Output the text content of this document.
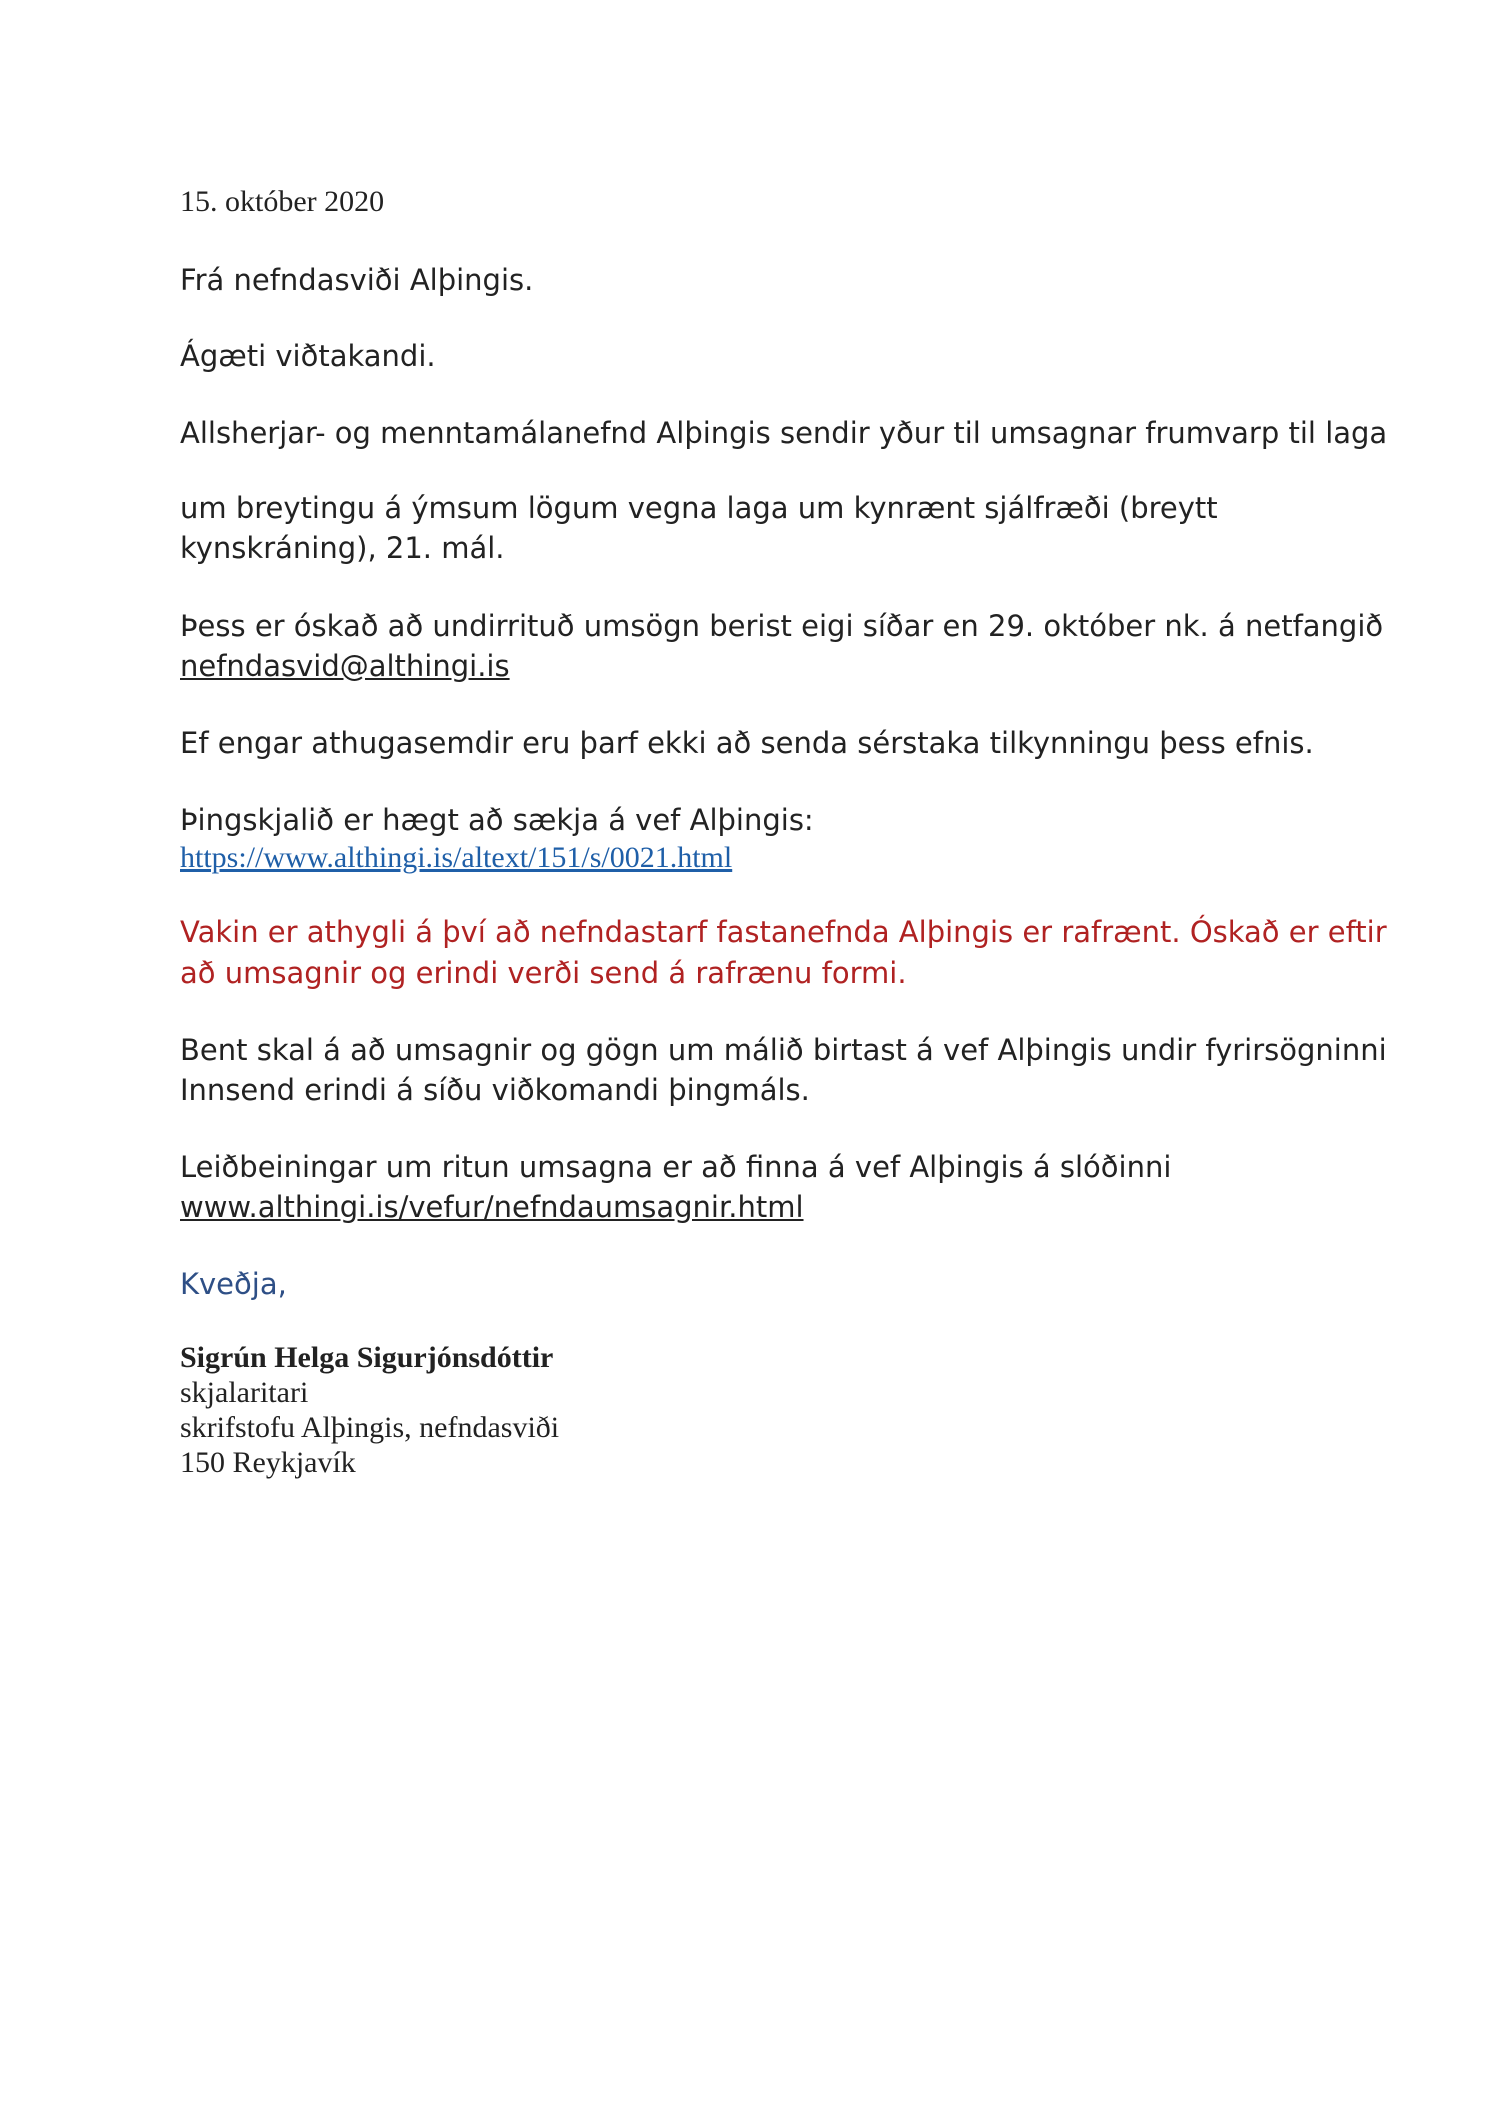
15. október 2020

Frá nefndasviði Alþingis.

Ágæti viðtakandi.

Allsherjar- og menntamálanefnd Alþingis sendir yður til umsagnar frumvarp til laga

um breytingu á ýmsum lögum vegna laga um kynrænt sjálfræði (breytt

kynskráning), 21. mál.

Þess er óskað að undirrituð umsögn berist eigi síðar en 29. október nk. á netfangið

nefndasvid@althingi.is

Ef engar athugasemdir eru þarf ekki að senda sérstaka tilkynningu þess efnis.

Þingskjalið er hægt að sækja á vef Alþingis:

https://www.althingi.is/altext/151/s/0021.html

Vakin er athygli á því að nefndastarf fastanefnda Alþingis er rafrænt. Óskað er eftir

að umsagnir og erindi verði send á rafrænu formi.

Bent skal á að umsagnir og gögn um málið birtast á vef Alþingis undir fyrirsögninni

Innsend erindi á síðu viðkomandi þingmáls.

Leiðbeiningar um ritun umsagna er að finna á vef Alþingis á slóðinni

www.althingi.is/vefur/nefndaumsagnir.html

Kveðja,

Sigrún Helga Sigurjónsdóttir

skjalaritari

skrifstofu Alþingis, nefndasviði

150 Reykjavík
